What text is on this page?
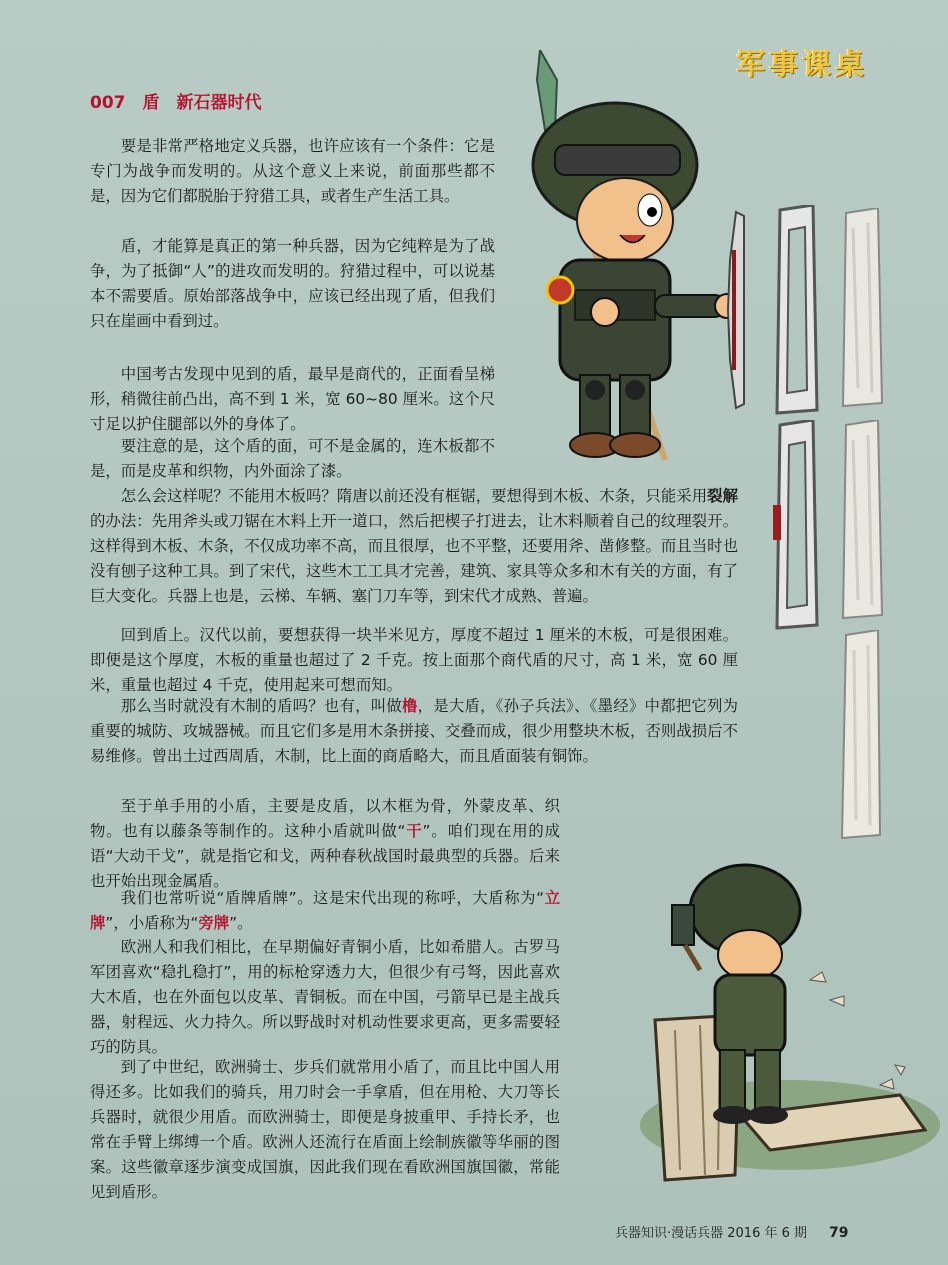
军事课桌
007　盾　新石器时代

要是非常严格地定义兵器，也许应该有一个条件：它是专门为战争而发明的。从这个意义上来说，前面那些都不是，因为它们都脱胎于狩猎工具，或者生产生活工具。

盾，才能算是真正的第一种兵器，因为它纯粹是为了战争，为了抵御“人”的进攻而发明的。狩猎过程中，可以说基本不需要盾。原始部落战争中，应该已经出现了盾，但我们只在崖画中看到过。

中国考古发现中见到的盾，最早是商代的，正面看呈梯形，稍微往前凸出，高不到 1 米，宽 60~80 厘米。这个尺寸足以护住腿部以外的身体了。

要注意的是，这个盾的面，可不是金属的，连木板都不是，而是皮革和织物，内外面涂了漆。

怎么会这样呢？不能用木板吗？隋唐以前还没有框锯，要想得到木板、木条，只能采用裂解的办法：先用斧头或刀锯在木料上开一道口，然后把楔子打进去，让木料顺着自己的纹理裂开。这样得到木板、木条，不仅成功率不高，而且很厚，也不平整，还要用斧、凿修整。而且当时也没有刨子这种工具。到了宋代，这些木工工具才完善，建筑、家具等众多和木有关的方面，有了巨大变化。兵器上也是，云梯、车辆、塞门刀车等，到宋代才成熟、普遍。

回到盾上。汉代以前，要想获得一块半米见方，厚度不超过 1 厘米的木板，可是很困难。即便是这个厚度，木板的重量也超过了 2 千克。按上面那个商代盾的尺寸，高 1 米，宽 60 厘米，重量也超过 4 千克，使用起来可想而知。

那么当时就没有木制的盾吗？也有，叫做橹，是大盾，《孙子兵法》、《墨经》中都把它列为重要的城防、攻城器械。而且它们多是用木条拼接、交叠而成，很少用整块木板，否则战损后不易维修。曾出土过西周盾，木制，比上面的商盾略大，而且盾面装有铜饰。

至于单手用的小盾，主要是皮盾，以木框为骨，外蒙皮革、织物。也有以藤条等制作的。这种小盾就叫做“干”。咱们现在用的成语“大动干戈”，就是指它和戈，两种春秋战国时最典型的兵器。后来也开始出现金属盾。

我们也常听说“盾牌盾牌”。这是宋代出现的称呼，大盾称为“立牌”，小盾称为“旁牌”。

欧洲人和我们相比，在早期偏好青铜小盾，比如希腊人。古罗马军团喜欢“稳扎稳打”，用的标枪穿透力大，但很少有弓弩，因此喜欢大木盾，也在外面包以皮革、青铜板。而在中国，弓箭早已是主战兵器，射程远、火力持久。所以野战时对机动性要求更高，更多需要轻巧的防具。

到了中世纪，欧洲骑士、步兵们就常用小盾了，而且比中国人用得还多。比如我们的骑兵，用刀时会一手拿盾，但在用枪、大刀等长兵器时，就很少用盾。而欧洲骑士，即便是身披重甲、手持长矛，也常在手臂上绑缚一个盾。欧洲人还流行在盾面上绘制族徽等华丽的图案。这些徽章逐步演变成国旗，因此我们现在看欧洲国旗国徽，常能见到盾形。

兵器知识·漫话兵器 2016 年 6 期 79
